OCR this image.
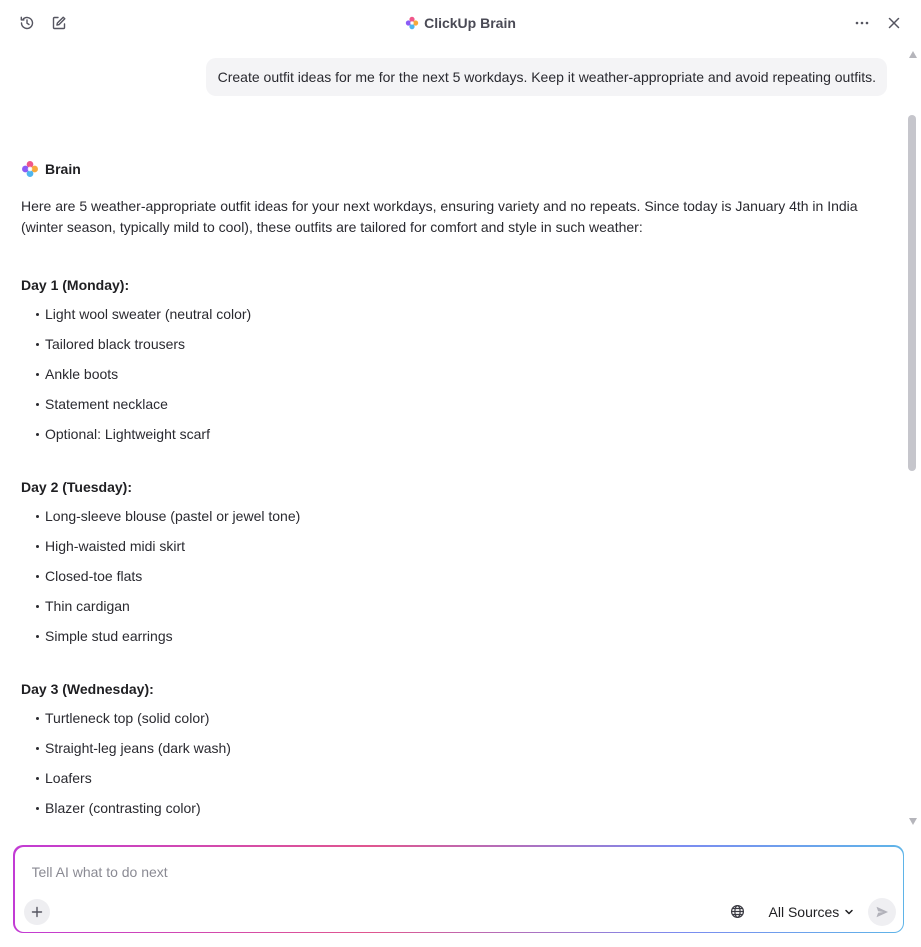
ClickUp Brain
Create outfit ideas for me for the next 5 workdays. Keep it weather-appropriate and avoid repeating outfits.
Brain

Here are 5 weather-appropriate outfit ideas for your next workdays, ensuring variety and no repeats. Since today is January 4th in India (winter season, typically mild to cool), these outfits are tailored for comfort and style in such weather:

Day 1 (Monday):
Light wool sweater (neutral color)
Tailored black trousers
Ankle boots
Statement necklace
Optional: Lightweight scarf
Day 2 (Tuesday):
Long-sleeve blouse (pastel or jewel tone)
High-waisted midi skirt
Closed-toe flats
Thin cardigan
Simple stud earrings
Day 3 (Wednesday):
Turtleneck top (solid color)
Straight-leg jeans (dark wash)
Loafers
Blazer (contrasting color)
Tell AI what to do next
All Sources
